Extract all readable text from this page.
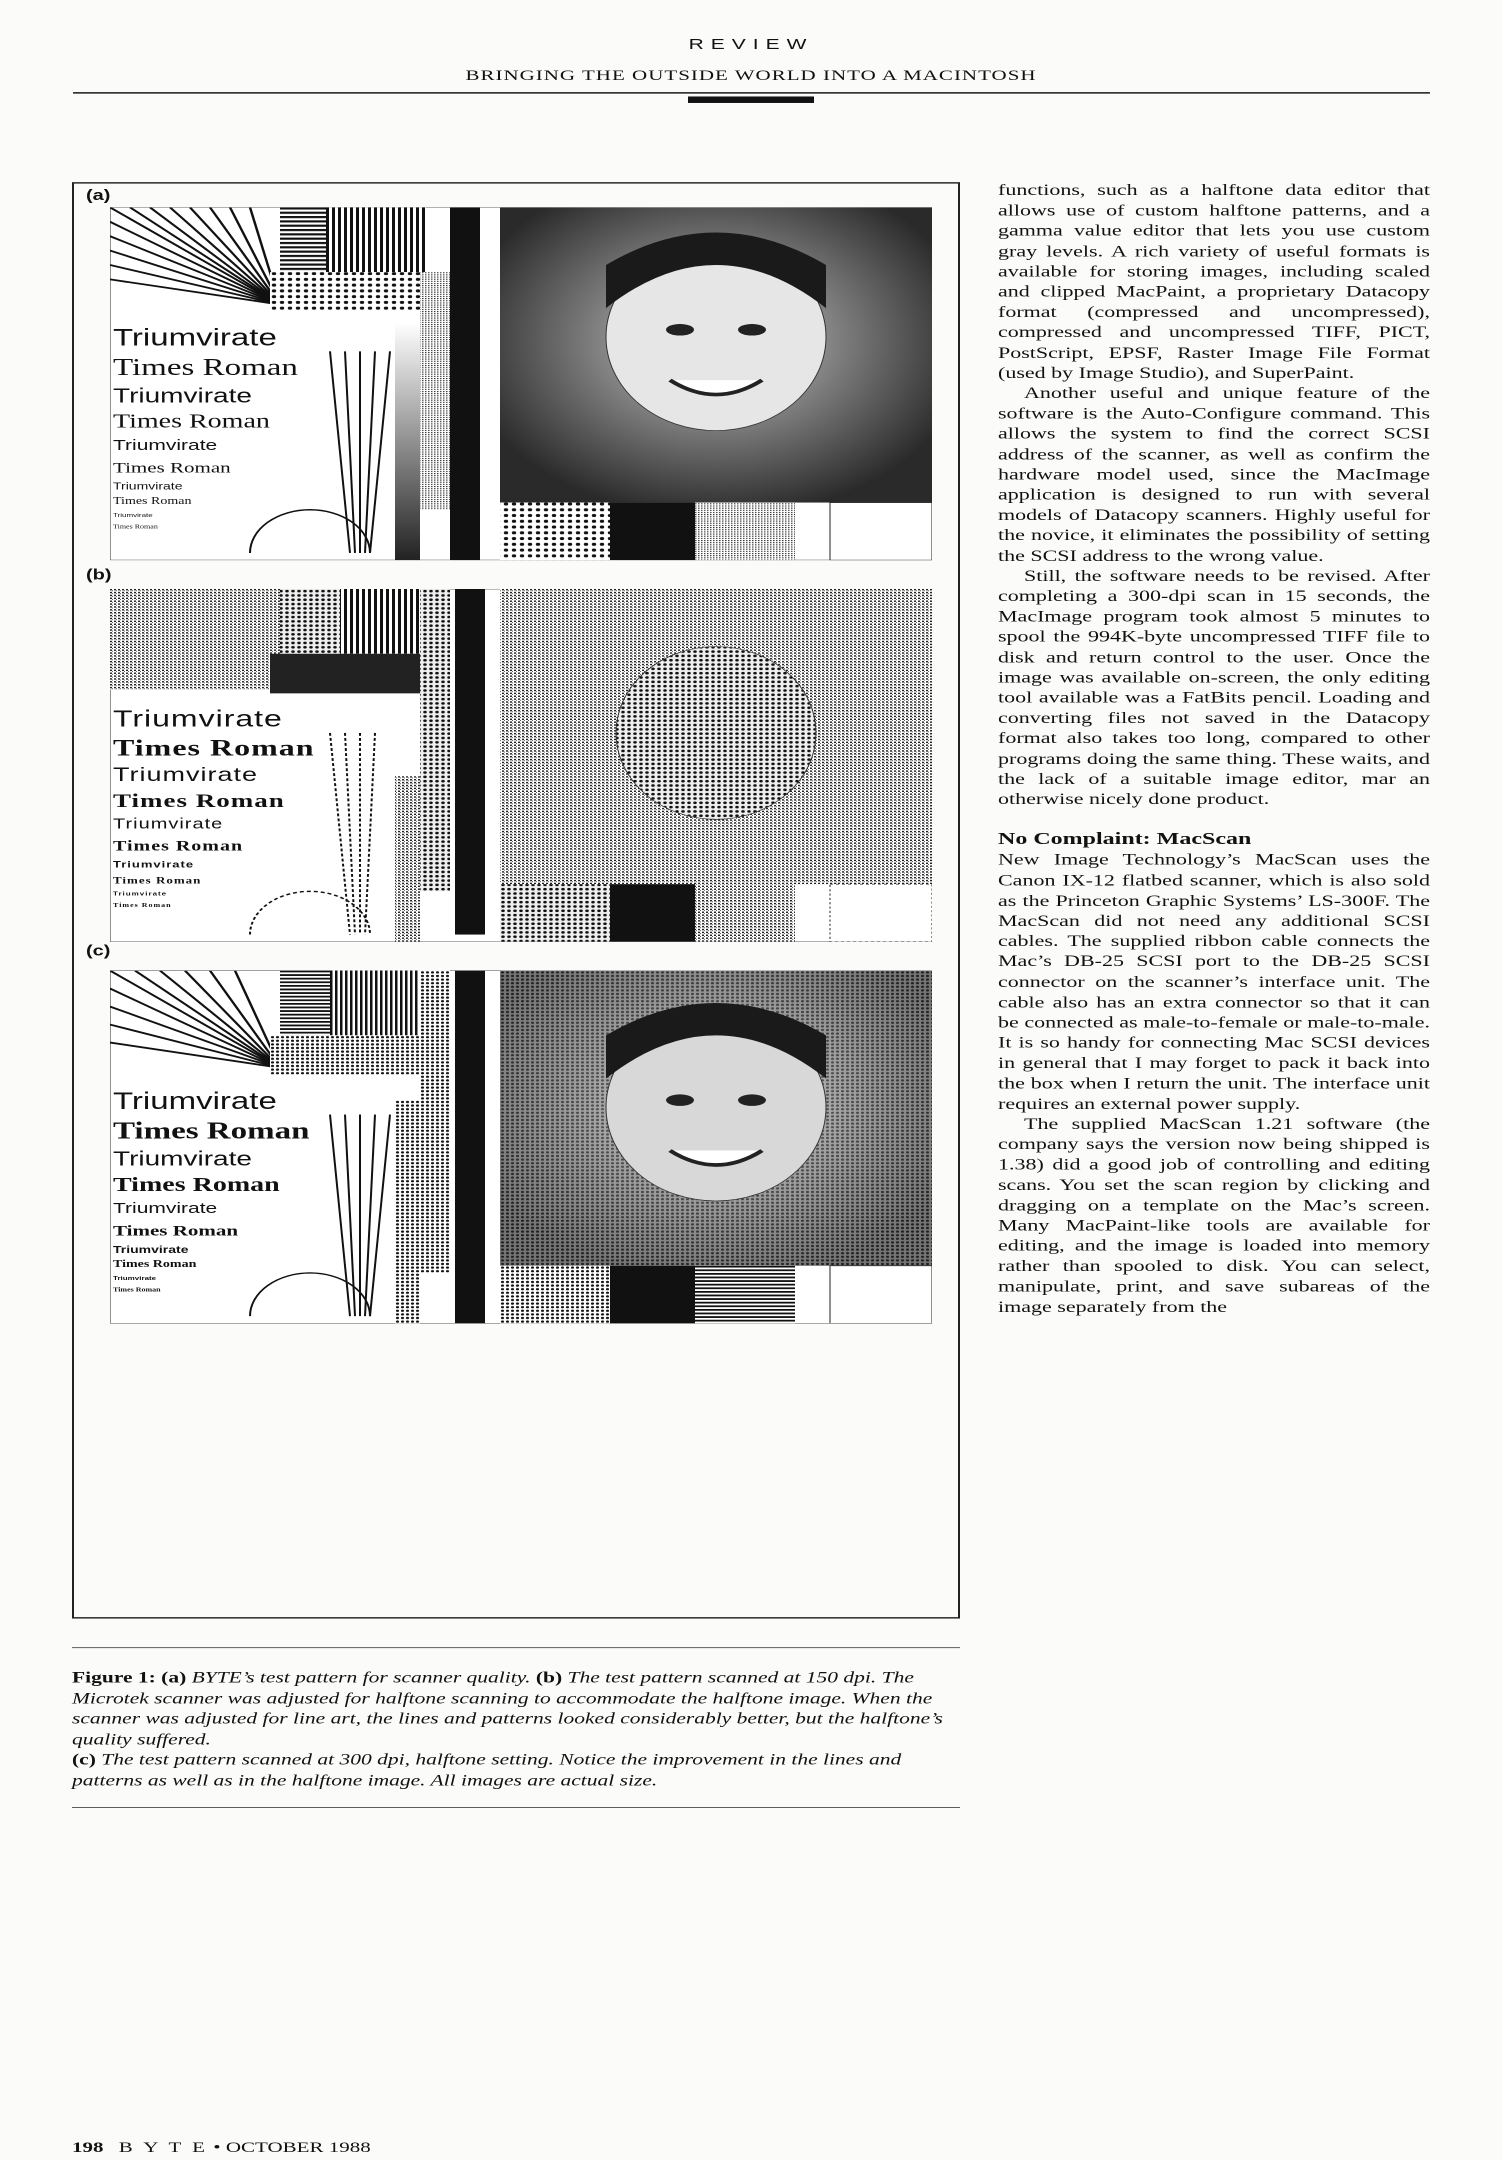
REVIEW
BRINGING THE OUTSIDE WORLD INTO A MACINTOSH
(a)
(b)
(c)
Triumvirate
Times Roman
Triumvirate
Times Roman
Triumvirate
Times Roman
Triumvirate
Times Roman
Triumvirate
Times Roman
Triumvirate
Times Roman
Triumvirate
Times Roman
Triumvirate
Times Roman
Triumvirate
Times Roman
Triumvirate
Times Roman
Triumvirate
Times Roman
Triumvirate
Times Roman
Triumvirate
Times Roman
Triumvirate
Times Roman
Triumvirate
Times Roman
Figure 1: (a) BYTE’s test pattern for scanner quality. (b) The test pattern scanned at 150 dpi. The Microtek scanner was adjusted for halftone scanning to accommodate the halftone image. When the scanner was adjusted for line art, the lines and patterns looked considerably better, but the halftone’s quality suffered.
(c) The test pattern scanned at 300 dpi, halftone setting. Notice the improvement in the lines and patterns as well as in the halftone image. All images are actual size.

functions, such as a halftone data editor that allows use of custom halftone patterns, and a gamma value editor that lets you use custom gray levels. A rich variety of useful formats is available for storing images, including scaled and clipped MacPaint, a proprietary Datacopy format (compressed and uncompressed), compressed and uncompressed TIFF, PICT, PostScript, EPSF, Raster Image File Format (used by Image Studio), and SuperPaint.

Another useful and unique feature of the software is the Auto-Configure command. This allows the system to find the correct SCSI address of the scanner, as well as confirm the hardware model used, since the MacImage application is designed to run with several models of Datacopy scanners. Highly useful for the novice, it eliminates the possibility of setting the SCSI address to the wrong value.

Still, the software needs to be revised. After completing a 300-dpi scan in 15 seconds, the MacImage program took almost 5 minutes to spool the 994K-byte uncompressed TIFF file to disk and return control to the user. Once the image was available on-screen, the only editing tool available was a FatBits pencil. Loading and converting files not saved in the Datacopy format also takes too long, compared to other programs doing the same thing. These waits, and the lack of a suitable image editor, mar an otherwise nicely done product.

No Complaint: MacScan

New Image Technology’s MacScan uses the Canon IX-12 flatbed scanner, which is also sold as the Princeton Graphic Systems’ LS-300F. The MacScan did not need any additional SCSI cables. The supplied ribbon cable connects the Mac’s DB-25 SCSI port to the DB-25 SCSI connector on the scanner’s interface unit. The cable also has an extra connector so that it can be connected as male-to-female or male-to-male. It is so handy for connecting Mac SCSI devices in general that I may forget to pack it back into the box when I return the unit. The interface unit requires an external power supply.

The supplied MacScan 1.21 software (the company says the version now being shipped is 1.38) did a good job of controlling and editing scans. You set the scan region by clicking and dragging on a template on the Mac’s screen. Many MacPaint-like tools are available for editing, and the image is loaded into memory rather than spooled to disk. You can select, manipulate, print, and save subareas of the image separately from the

198 B Y T E • OCTOBER 1988
